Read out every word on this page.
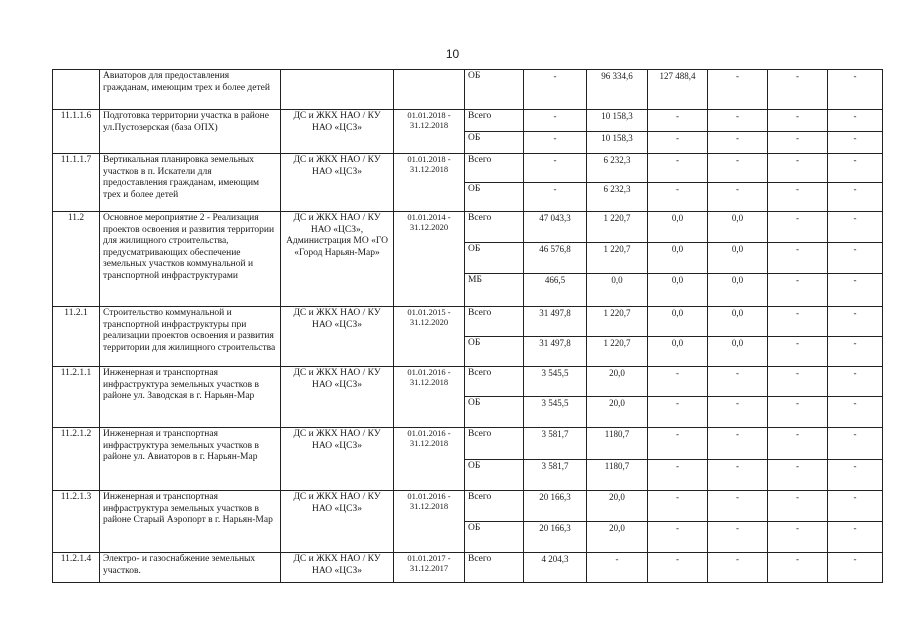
10
	Авиаторов для предоставления гражданам, имеющим трех и более детей			ОБ	-	96 334,6	127 488,4	-	-	-
11.1.1.6	Подготовка территории участка в районе ул.Пустозерская (база ОПХ)	ДС и ЖКХ НАО / КУ НАО «ЦСЗ»	01.01.2018 - 31.12.2018	Всего	-	10 158,3	-	-	-	-
				ОБ	-	10 158,3	-	-	-	-
11.1.1.7	Вертикальная планировка земельных участков в п. Искатели для предоставления гражданам, имеющим трех и более детей	ДС и ЖКХ НАО / КУ НАО «ЦСЗ»	01.01.2018 - 31.12.2018	Всего	-	6 232,3	-	-	-	-
				ОБ	-	6 232,3	-	-	-	-
11.2	Основное мероприятие 2 - Реализация проектов освоения и развития территории для жилищного строительства, предусматривающих обеспечение земельных участков коммунальной и транспортной инфраструктурами	ДС и ЖКХ НАО / КУ НАО «ЦСЗ», Администрация МО «ГО «Город Нарьян-Мар»	01.01.2014 - 31.12.2020	Всего	47 043,3	1 220,7	0,0	0,0	-	-
				ОБ	46 576,8	1 220,7	0,0	0,0	-	-
				МБ	466,5	0,0	0,0	0,0	-	-
11.2.1	Строительство коммунальной и транспортной инфраструктуры при реализации проектов освоения и развития территории для жилищного строительства	ДС и ЖКХ НАО / КУ НАО «ЦСЗ»	01.01.2015 - 31.12.2020	Всего	31 497,8	1 220,7	0,0	0,0	-	-
				ОБ	31 497,8	1 220,7	0,0	0,0	-	-
11.2.1.1	Инженерная и транспортная инфраструктура земельных участков в районе ул. Заводская в г. Нарьян-Мар	ДС и ЖКХ НАО / КУ НАО «ЦСЗ»	01.01.2016 - 31.12.2018	Всего	3 545,5	20,0	-	-	-	-
				ОБ	3 545,5	20,0	-	-	-	-
11.2.1.2	Инженерная и транспортная инфраструктура земельных участков в районе ул. Авиаторов в г. Нарьян-Мар	ДС и ЖКХ НАО / КУ НАО «ЦСЗ»	01.01.2016 - 31.12.2018	Всего	3 581,7	1180,7	-	-	-	-
				ОБ	3 581,7	1180,7	-	-	-	-
11.2.1.3	Инженерная и транспортная инфраструктура земельных участков в районе Старый Аэропорт в г. Нарьян-Мар	ДС и ЖКХ НАО / КУ НАО «ЦСЗ»	01.01.2016 - 31.12.2018	Всего	20 166,3	20,0	-	-	-	-
				ОБ	20 166,3	20,0	-	-	-	-
11.2.1.4	Электро- и газоснабжение земельных участков.	ДС и ЖКХ НАО / КУ НАО «ЦСЗ»	01.01.2017 - 31.12.2017	Всего	4 204,3	-	-	-	-	-
